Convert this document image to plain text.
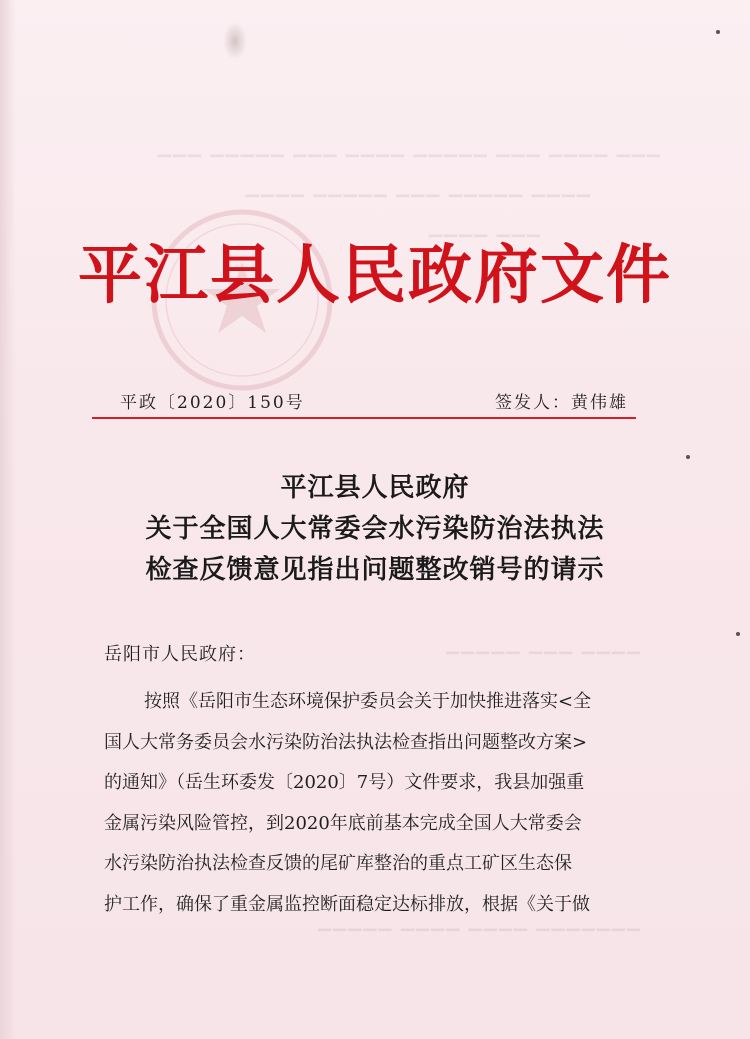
▁▁▁ ▁▁▁▁ ▁▁▁ ▁▁▁▁▁ ▁▁▁▁ ▁▁▁ ▁▁▁▁▁ ▁▁▁
▁▁▁▁ ▁▁▁▁▁ ▁▁▁ ▁▁▁▁▁ ▁▁▁▁
▁▁▁ ▁▁▁▁
▁▁▁▁ ▁▁▁ ▁▁▁▁▁
▁▁▁▁▁▁▁ ▁▁▁▁ ▁▁▁▁ ▁▁▁▁▁
平江县人民政府文件
平政〔2020〕150号	签发人：黄伟雄
平江县人民政府
关于全国人大常委会水污染防治法执法
检查反馈意见指出问题整改销号的请示
岳阳市人民政府：
按照《岳阳市生态环境保护委员会关于加快推进落实<全
国人大常务委员会水污染防治法执法检查指出问题整改方案>
的通知》（岳生环委发〔2020〕7号）文件要求，我县加强重
金属污染风险管控，到2020年底前基本完成全国人大常委会
水污染防治执法检查反馈的尾矿库整治的重点工矿区生态保
护工作，确保了重金属监控断面稳定达标排放，根据《关于做
